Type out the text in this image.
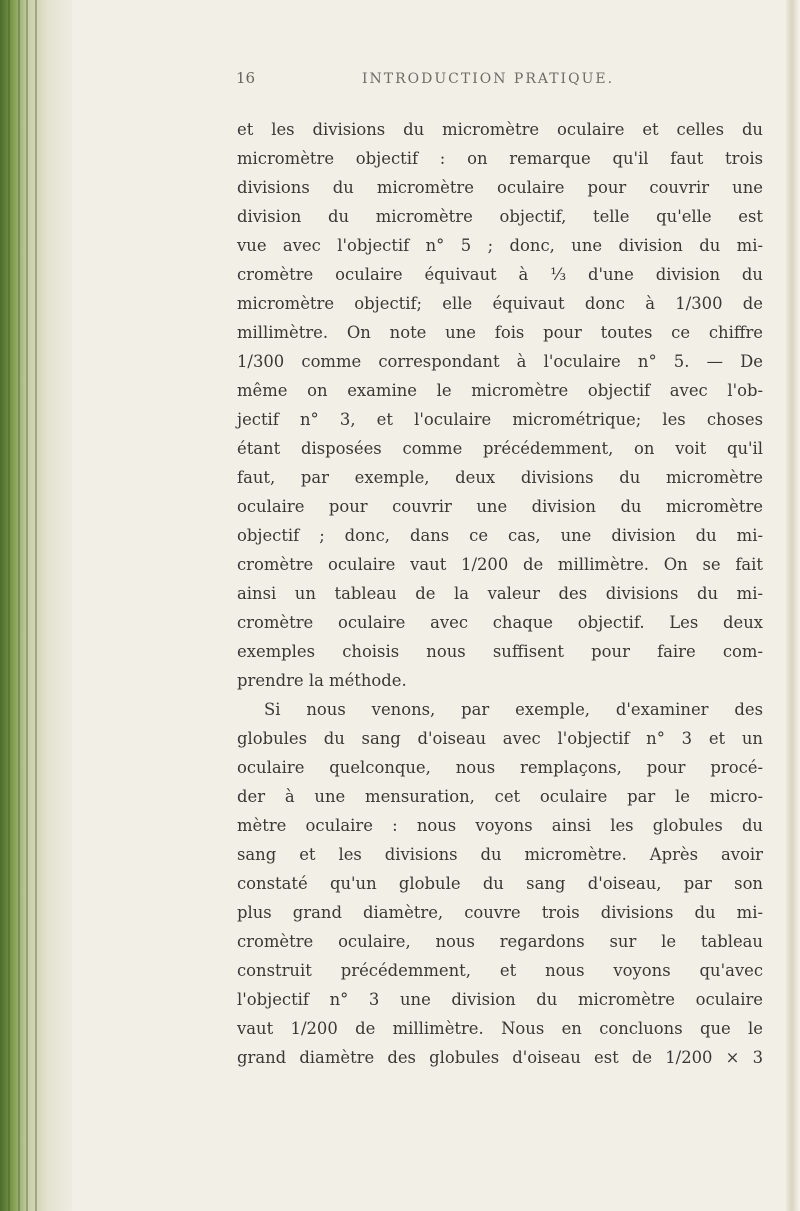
16	INTRODUCTION PRATIQUE.
et les divisions du micromètre oculaire et celles du
micromètre objectif : on remarque qu'il faut trois
divisions du micromètre oculaire pour couvrir une
division du micromètre objectif, telle qu'elle est
vue avec l'objectif n° 5 ; donc, une division du mi-
cromètre oculaire équivaut à ⅓ d'une division du
micromètre objectif; elle équivaut donc à 1/300 de
millimètre. On note une fois pour toutes ce chiffre
1/300 comme correspondant à l'oculaire n° 5. — De
même on examine le micromètre objectif avec l'ob-
jectif n° 3, et l'oculaire micrométrique; les choses
étant disposées comme précédemment, on voit qu'il
faut, par exemple, deux divisions du micromètre
oculaire pour couvrir une division du micromètre
objectif ; donc, dans ce cas, une division du mi-
cromètre oculaire vaut 1/200 de millimètre. On se fait
ainsi un tableau de la valeur des divisions du mi-
cromètre oculaire avec chaque objectif. Les deux
exemples choisis nous suffisent pour faire com-
prendre la méthode.
Si nous venons, par exemple, d'examiner des
globules du sang d'oiseau avec l'objectif n° 3 et un
oculaire quelconque, nous remplaçons, pour procé-
der à une mensuration, cet oculaire par le micro-
mètre oculaire : nous voyons ainsi les globules du
sang et les divisions du micromètre. Après avoir
constaté qu'un globule du sang d'oiseau, par son
plus grand diamètre, couvre trois divisions du mi-
cromètre oculaire, nous regardons sur le tableau
construit précédemment, et nous voyons qu'avec
l'objectif n° 3 une division du micromètre oculaire
vaut 1/200 de millimètre. Nous en concluons que le
grand diamètre des globules d'oiseau est de 1/200 × 3
